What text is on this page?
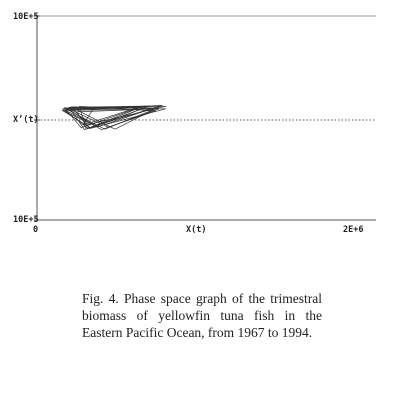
10E+5
X’(t)
10E+5
0	X(t)	2E+6
Fig. 4. Phase space graph of the trimestral biomass of yellowfin tuna fish in the Eastern Pacific Ocean, from 1967 to 1994.
